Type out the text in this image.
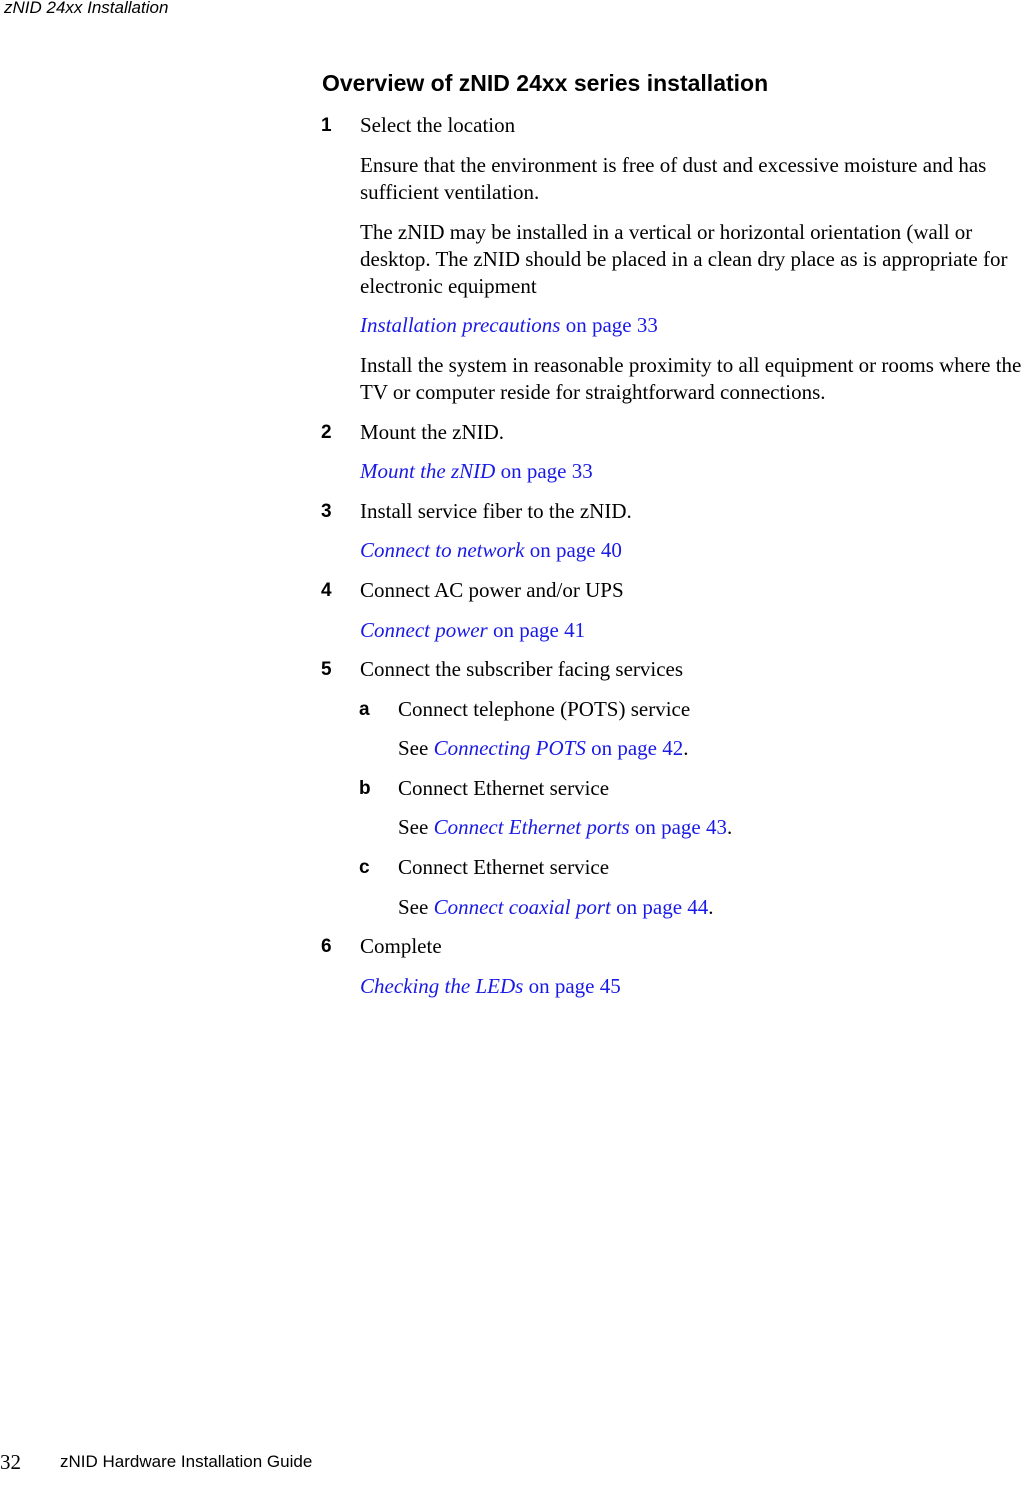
zNID 24xx Installation
Overview of zNID 24xx series installation
1 Select the location
Ensure that the environment is free of dust and excessive moisture and has sufficient ventilation.
The zNID may be installed in a vertical or horizontal orientation (wall or desktop. The zNID should be placed in a clean dry place as is appropriate for electronic equipment
Installation precautions on page 33
Install the system in reasonable proximity to all equipment or rooms where the TV or computer reside for straightforward connections.
2 Mount the zNID.
Mount the zNID on page 33
3 Install service fiber to the zNID.
Connect to network on page 40
4 Connect AC power and/or UPS
Connect power on page 41
5 Connect the subscriber facing services
a Connect telephone (POTS) service
See Connecting POTS on page 42.
b Connect Ethernet service
See Connect Ethernet ports on page 43.
c Connect Ethernet service
See Connect coaxial port on page 44.
6 Complete
Checking the LEDs on page 45
32 zNID Hardware Installation Guide
